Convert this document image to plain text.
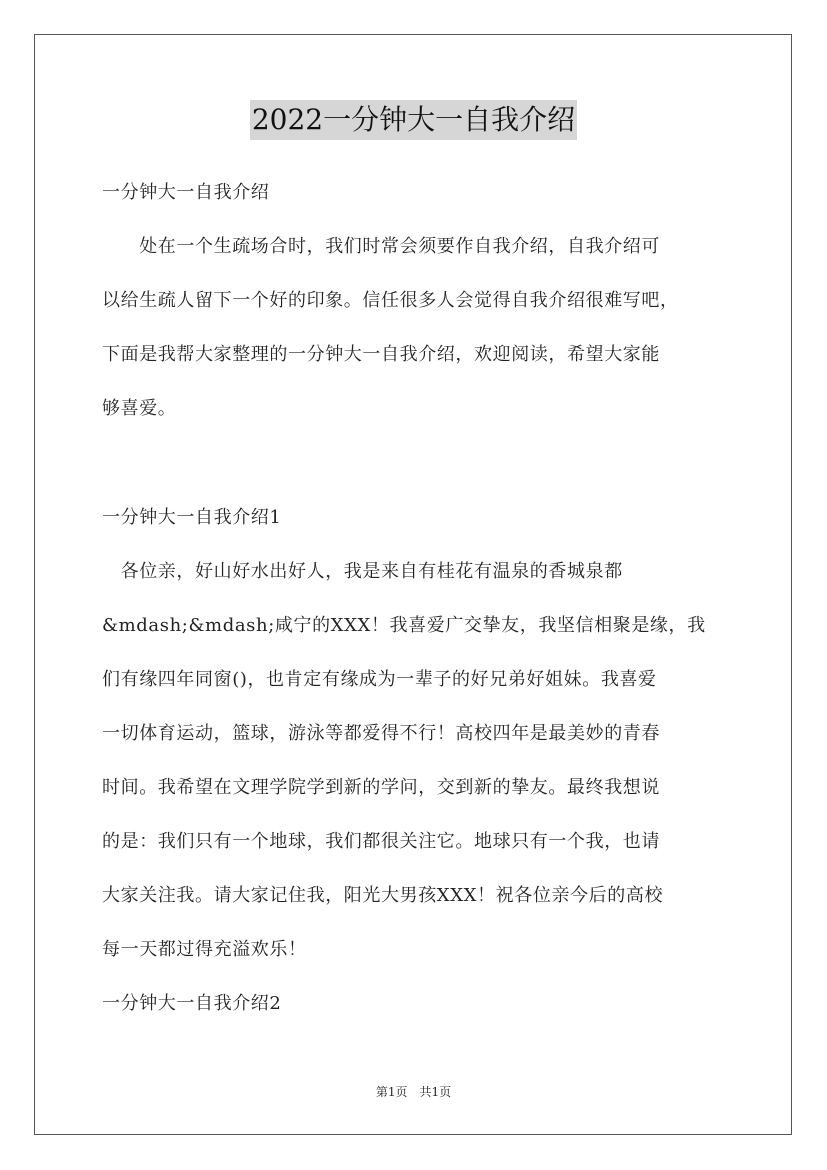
2022一分钟大一自我介绍
一分钟大一自我介绍
　　处在一个生疏场合时，我们时常会须要作自我介绍，自我介绍可
以给生疏人留下一个好的印象。信任很多人会觉得自我介绍很难写吧，
下面是我帮大家整理的一分钟大一自我介绍，欢迎阅读，希望大家能
够喜爱。
一分钟大一自我介绍1
　各位亲，好山好水出好人，我是来自有桂花有温泉的香城泉都
&mdash;&mdash;咸宁的XXX！我喜爱广交挚友，我坚信相聚是缘，我
们有缘四年同窗()，也肯定有缘成为一辈子的好兄弟好姐妹。我喜爱
一切体育运动，篮球，游泳等都爱得不行！高校四年是最美妙的青春
时间。我希望在文理学院学到新的学问，交到新的挚友。最终我想说
的是：我们只有一个地球，我们都很关注它。地球只有一个我，也请
大家关注我。请大家记住我，阳光大男孩XXX！祝各位亲今后的高校
每一天都过得充溢欢乐！
一分钟大一自我介绍2
第1页　共1页
